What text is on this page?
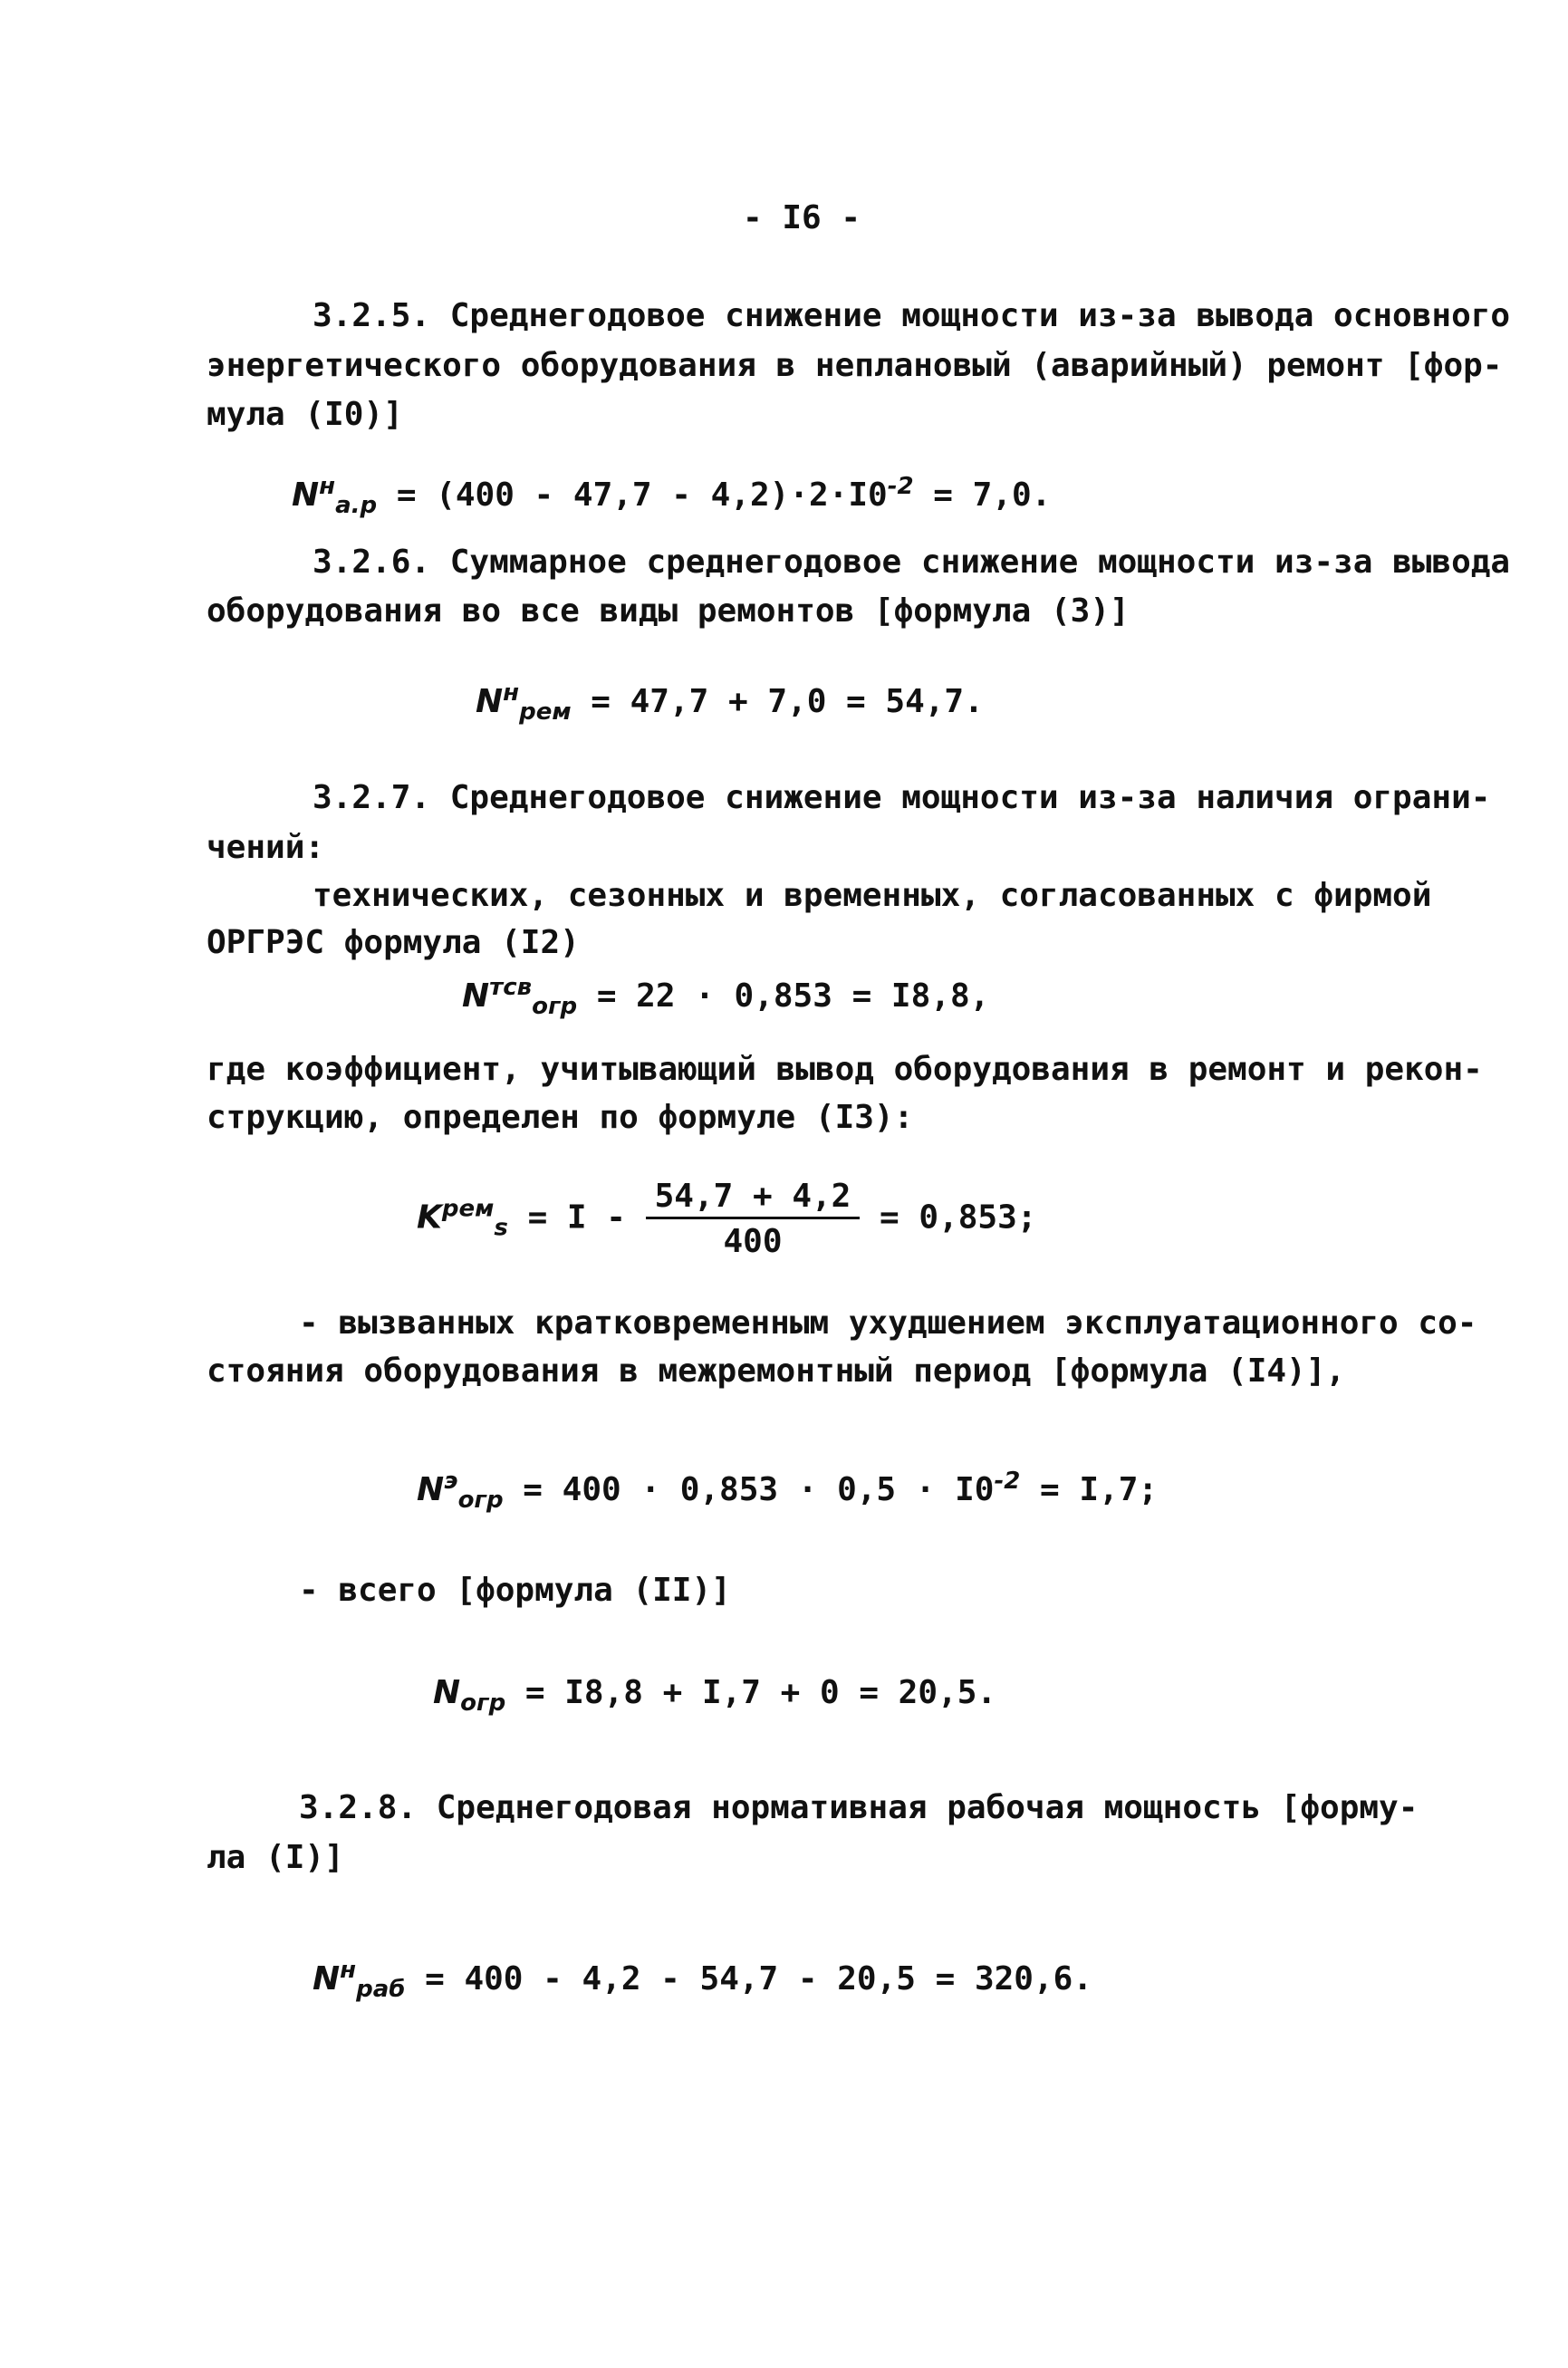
- I6 -
3.2.5. Среднегодовое снижение мощности из-за вывода основного
энергетического оборудования в неплановый (аварийный) ремонт [фор-
мула (I0)]
$N^н_{а.р} = (400 - 47,7 - 4,2)\cdot 2\cdot I0^{-2} = 7,0$.
3.2.6. Суммарное среднегодовое снижение мощности из-за вывода
оборудования во все виды ремонтов [формула (3)]
$N^н_{рем} = 47,7 + 7,0 = 54,7$.
3.2.7. Среднегодовое снижение мощности из-за наличия ограни-
чений:
технических, сезонных и временных, согласованных с фирмой
ОРГРЭС формула (I2)
$N^{тсв}_{огр} = 22 \cdot 0,853 = I8,8$,
где коэффициент, учитывающий вывод оборудования в ремонт и рекон-
струкцию, определен по формуле (I3):
$K^{рем}_s = I - \frac{54,7 + 4,2}{400} = 0,853$;
- вызванных кратковременным ухудшением эксплуатационного со-
стояния оборудования в межремонтный период [формула (I4)],
$N^э_{огр} = 400 \cdot 0,853 \cdot 0,5 \cdot I0^{-2} = I,7$;
- всего [формула (II)]
$N_{огр} = I8,8 + I,7 + 0 = 20,5$.
3.2.8. Среднегодовая нормативная рабочая мощность [форму-
ла (I)]
$N^н_{раб} = 400 - 4,2 - 54,7 - 20,5 = 320,6$.
